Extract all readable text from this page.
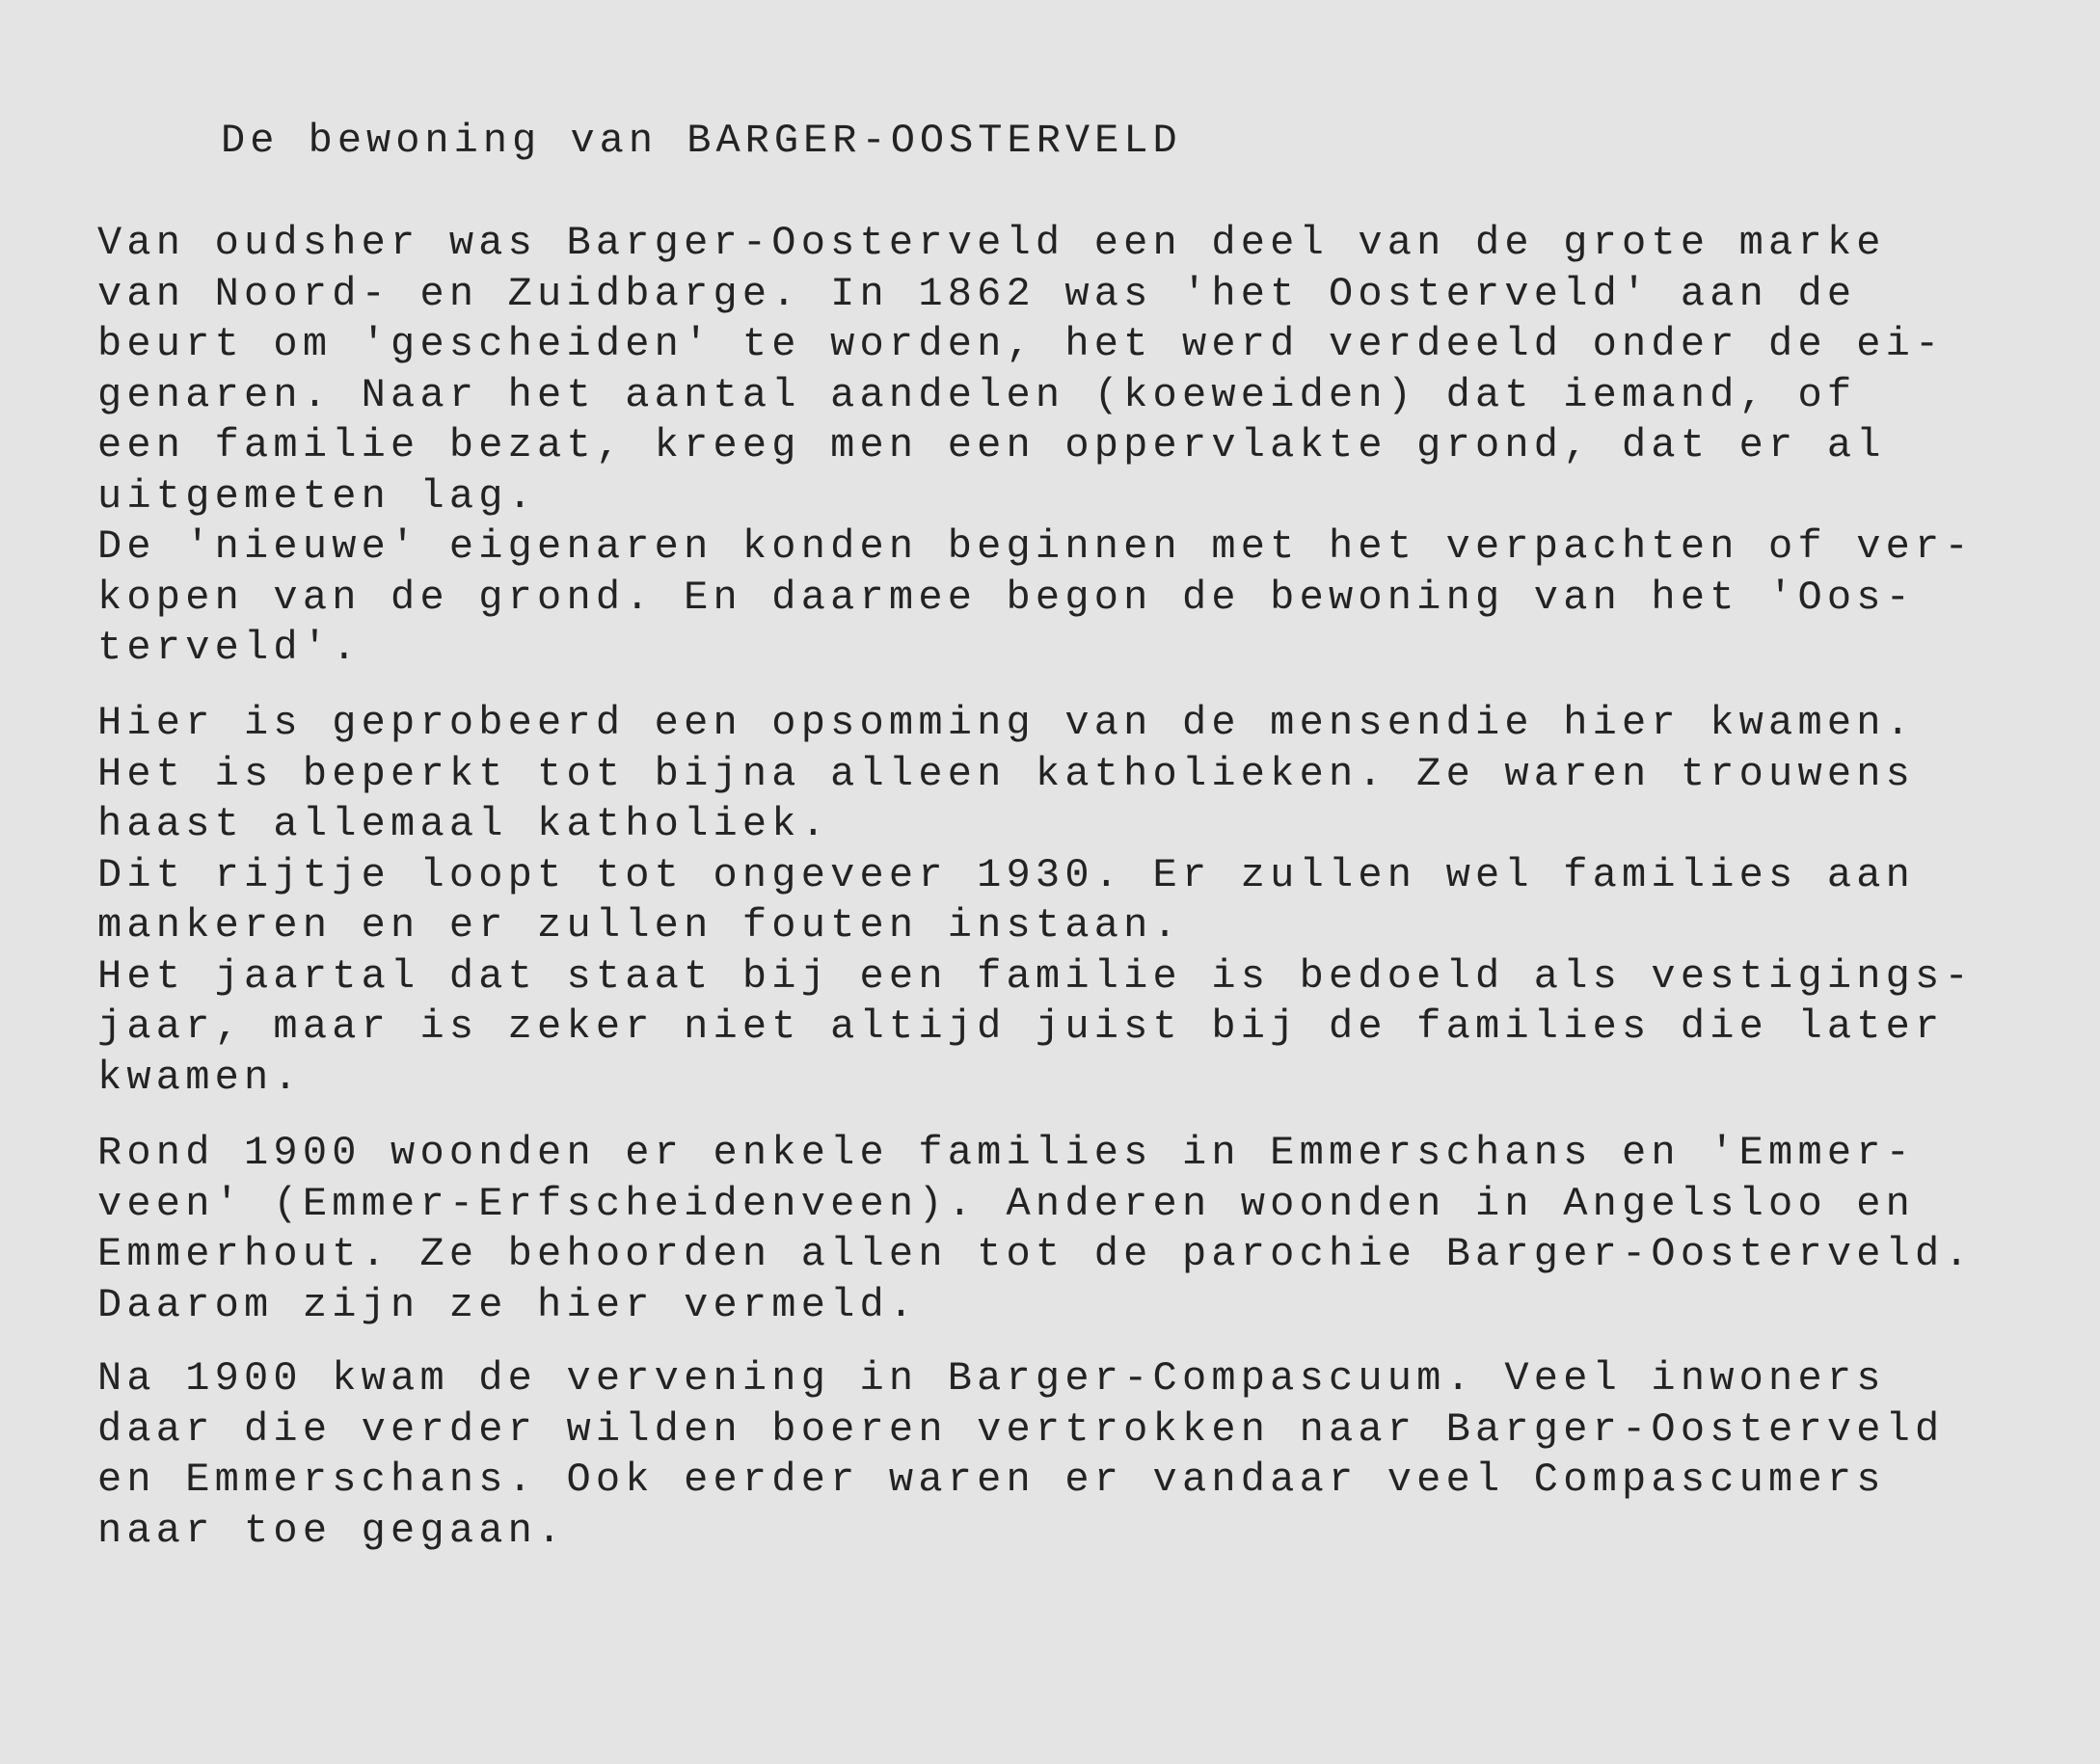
De bewoning van BARGER-OOSTERVELD

Van oudsher was Barger-Oosterveld een deel van de grote marke
van Noord- en Zuidbarge. In 1862 was 'het Oosterveld' aan de
beurt om 'gescheiden' te worden, het werd verdeeld onder de ei-
genaren. Naar het aantal aandelen (koeweiden) dat iemand, of
een familie bezat, kreeg men een oppervlakte grond, dat er al
uitgemeten lag.
De 'nieuwe' eigenaren konden beginnen met het verpachten of ver-
kopen van de grond. En daarmee begon de bewoning van het 'Oos-
terveld'.

Hier is geprobeerd een opsomming van de mensendie hier kwamen.
Het is beperkt tot bijna alleen katholieken. Ze waren trouwens
haast allemaal katholiek.
Dit rijtje loopt tot ongeveer 1930. Er zullen wel families aan
mankeren en er zullen fouten instaan.
Het jaartal dat staat bij een familie is bedoeld als vestigings-
jaar, maar is zeker niet altijd juist bij de families die later
kwamen.

Rond 1900 woonden er enkele families in Emmerschans en 'Emmer-
veen' (Emmer-Erfscheidenveen). Anderen woonden in Angelsloo en
Emmerhout. Ze behoorden allen tot de parochie Barger-Oosterveld.
Daarom zijn ze hier vermeld.

Na 1900 kwam de vervening in Barger-Compascuum. Veel inwoners
daar die verder wilden boeren vertrokken naar Barger-Oosterveld
en Emmerschans. Ook eerder waren er vandaar veel Compascumers
naar toe gegaan.
